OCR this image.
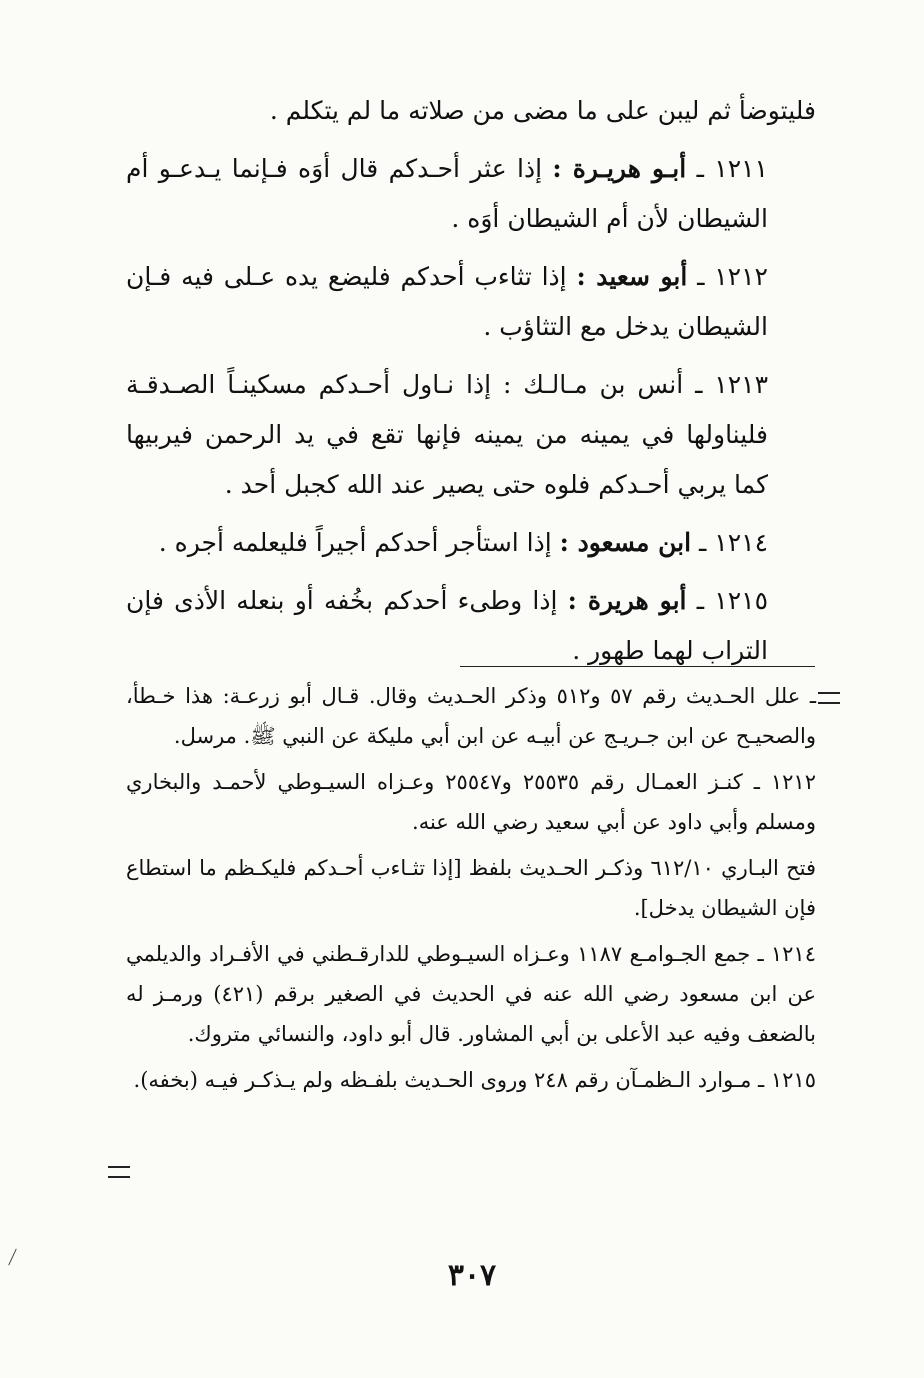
فليتوضأ ثم ليبن على ما مضى من صلاته ما لم يتكلم .

١٢١١ ـ أبـو هريـرة : إذا عثر أحـدكم قال أوَه فـإنما يـدعـو أم الشيطان لأن أم الشيطان أوَه .

١٢١٢ ـ أبو سعيد : إذا تثاءب أحدكم فليضع يده عـلى فيه فـإن الشيطان يدخل مع التثاؤب .

١٢١٣ ـ أنس بن مـالـك : إذا نـاول أحـدكم مسكينـاً الصـدقـة فليناولها في يمينه من يمينه فإنها تقع في يد الرحمن فيربيها كما يربي أحـدكم فلوه حتى يصير عند الله كجبل أحد .

١٢١٤ ـ ابن مسعود : إذا استأجر أحدكم أجيراً فليعلمه أجره .

١٢١٥ ـ أبو هريرة : إذا وطىء أحدكم بخُفه أو بنعله الأذى فإن التراب لهما طهور .

ـ علل الحـديث رقم ٥٧ و٥١٢ وذكر الحـديث وقال. قـال أبو زرعـة: هذا خـطأ، والصحيـح عن ابن جـريـج عن أبيـه عن ابن أبي مليكة عن النبي ﷺ. مرسل.

١٢١٢ ـ كنـز العمـال رقم ٢٥٥٣٥ و٢٥٥٤٧ وعـزاه السيـوطي لأحمـد والبخاري ومسلم وأبي داود عن أبي سعيد رضي الله عنه.

فتح البـاري ٦١٢/١٠ وذكـر الحـديث بلفظ [إذا تثـاءب أحـدكم فليكـظم ما استطاع فإن الشيطان يدخل].

١٢١٤ ـ جمع الجـوامـع ١١٨٧ وعـزاه السيـوطي للدارقـطني في الأفـراد والديلمي عن ابن مسعود رضي الله عنه في الحديث في الصغير برقم (٤٢١) ورمـز له بالضعف وفيه عبد الأعلى بن أبي المشاور. قال أبو داود، والنسائي متروك.

١٢١٥ ـ مـوارد الـظمـآن رقم ٢٤٨ وروى الحـديث بلفـظه ولم يـذكـر فيـه (بخفه).

٣٠٧
